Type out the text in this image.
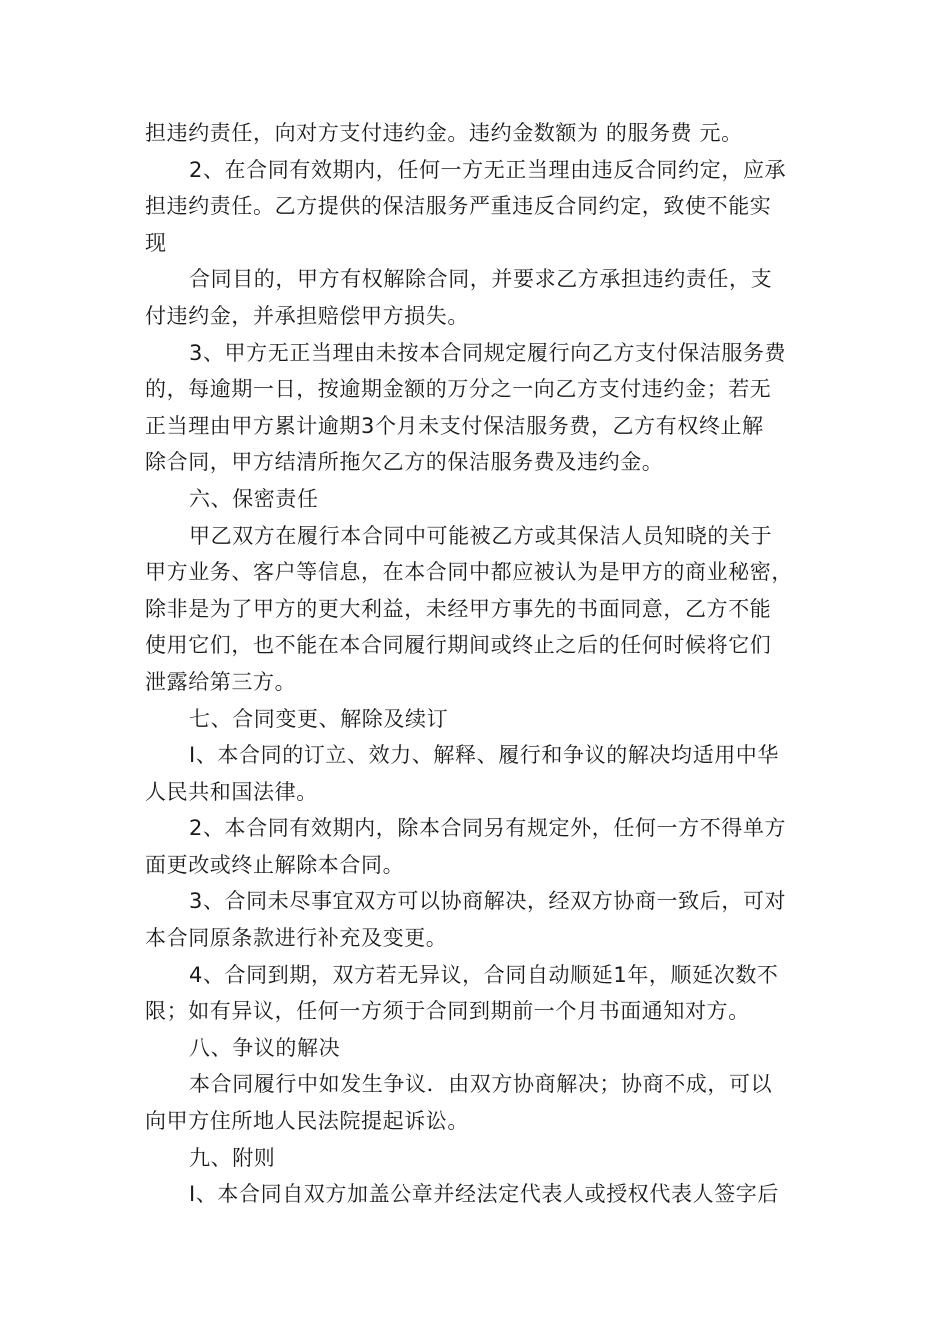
担违约责任，向对方支付违约金。违约金数额为 的服务费 元。
2、在合同有效期内，任何一方无正当理由违反合同约定，应承
担违约责任。乙方提供的保洁服务严重违反合同约定，致使不能实
现
合同目的，甲方有权解除合同，并要求乙方承担违约责任，支
付违约金，并承担赔偿甲方损失。
3、甲方无正当理由未按本合同规定履行向乙方支付保洁服务费
的，每逾期一日，按逾期金额的万分之一向乙方支付违约金；若无
正当理由甲方累计逾期3个月未支付保洁服务费，乙方有权终止解
除合同，甲方结清所拖欠乙方的保洁服务费及违约金。
六、保密责任
甲乙双方在履行本合同中可能被乙方或其保洁人员知晓的关于
甲方业务、客户等信息，在本合同中都应被认为是甲方的商业秘密，
除非是为了甲方的更大利益，未经甲方事先的书面同意，乙方不能
使用它们，也不能在本合同履行期间或终止之后的任何时候将它们
泄露给第三方。
七、合同变更、解除及续订
I、本合同的订立、效力、解释、履行和争议的解决均适用中华
人民共和国法律。
2、本合同有效期内，除本合同另有规定外，任何一方不得单方
面更改或终止解除本合同。
3、合同未尽事宜双方可以协商解决，经双方协商一致后，可对
本合同原条款进行补充及变更。
4、合同到期，双方若无异议，合同自动顺延1年，顺延次数不
限；如有异议，任何一方须于合同到期前一个月书面通知对方。
八、争议的解决
本合同履行中如发生争议．由双方协商解决；协商不成，可以
向甲方住所地人民法院提起诉讼。
九、附则
I、本合同自双方加盖公章并经法定代表人或授权代表人签字后
